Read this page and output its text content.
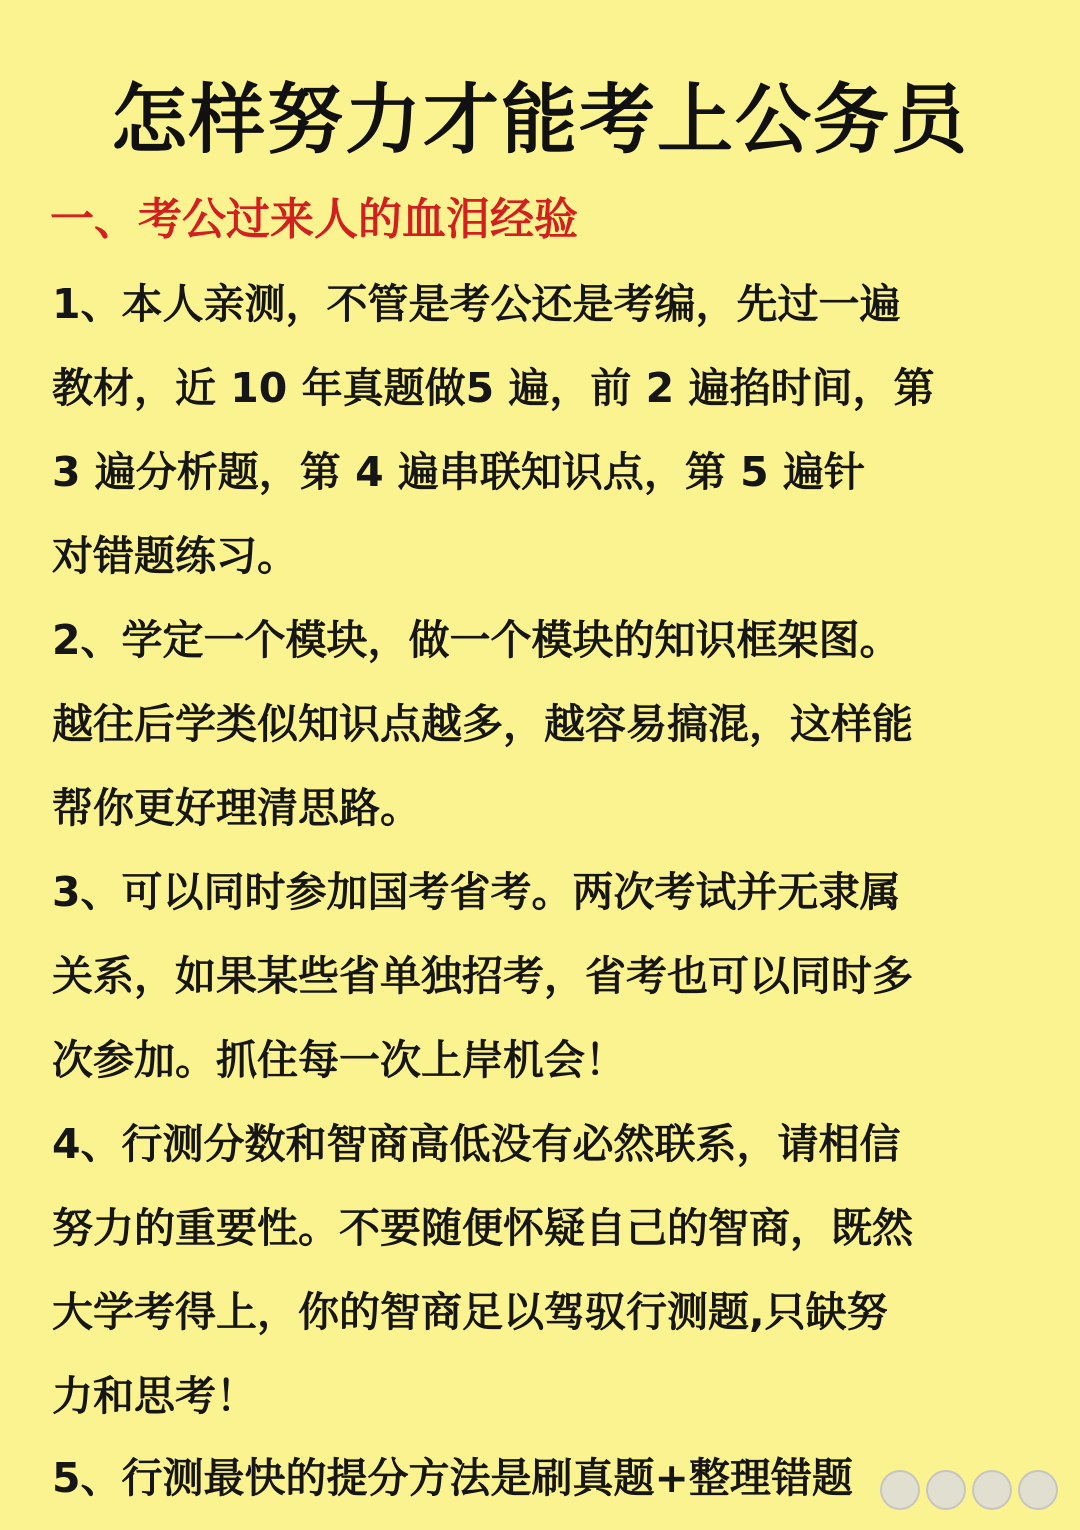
怎样努力才能考上公务员
一、考公过来人的血泪经验
1、本人亲测，不管是考公还是考编，先过一遍
教材，近 10 年真题做5 遍，前 2 遍掐时间，第
3 遍分析题，第 4 遍串联知识点，第 5 遍针
对错题练习。
2、学定一个模块，做一个模块的知识框架图。
越往后学类似知识点越多，越容易搞混，这样能
帮你更好理清思路。
3、可以同时参加国考省考。两次考试并无隶属
关系，如果某些省单独招考，省考也可以同时多
次参加。抓住每一次上岸机会！
4、行测分数和智商高低没有必然联系，请相信
努力的重要性。不要随便怀疑自己的智商，既然
大学考得上，你的智商足以驾驭行测题,只缺努
力和思考！
5、行测最快的提分方法是刷真题+整理错题
